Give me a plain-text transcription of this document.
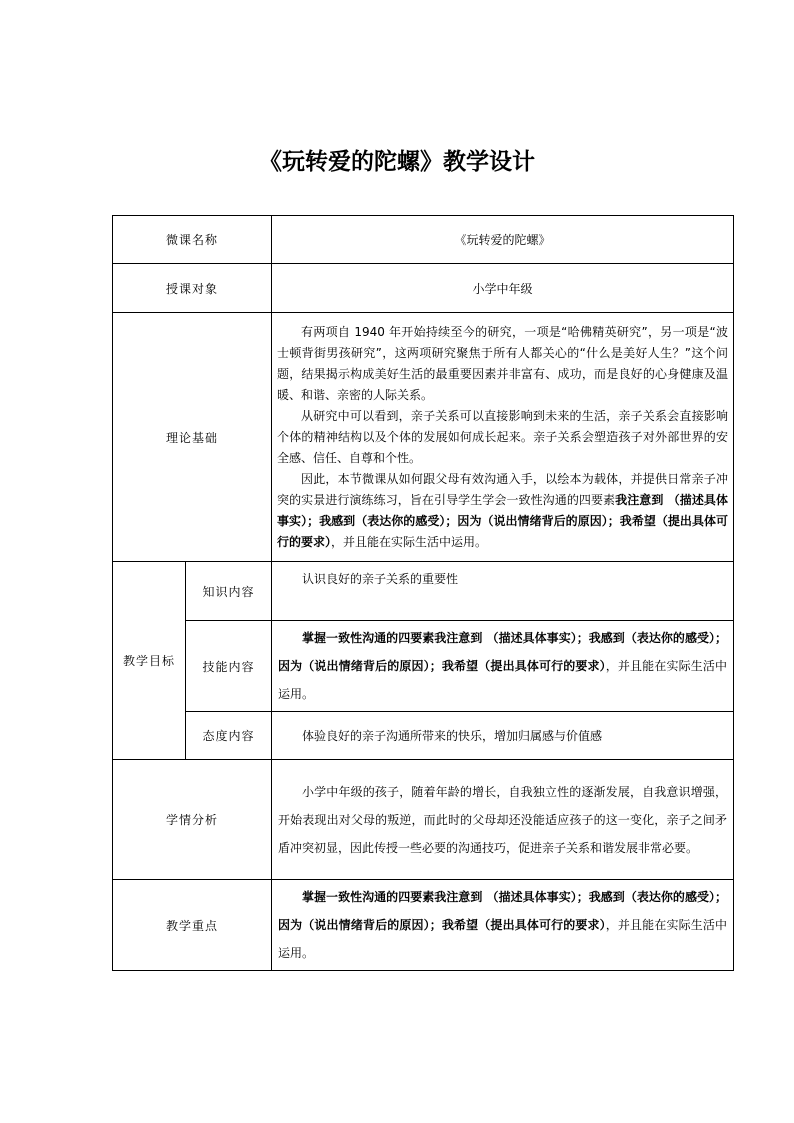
《玩转爱的陀螺》教学设计
微课名称		《玩转爱的陀螺》
授课对象		小学中年级
理论基础		有两项自 1940 年开始持续至今的研究，一项是“哈佛精英研究”，另一项是“波士顿背街男孩研究”，这两项研究聚焦于所有人都关心的“什么是美好人生？”这个问题，结果揭示构成美好生活的最重要因素并非富有、成功，而是良好的心身健康及温暖、和谐、亲密的人际关系。

从研究中可以看到，亲子关系可以直接影响到未来的生活，亲子关系会直接影响个体的精神结构以及个体的发展如何成长起来。亲子关系会塑造孩子对外部世界的安全感、信任、自尊和个性。

因此，本节微课从如何跟父母有效沟通入手，以绘本为载体，并提供日常亲子冲突的实景进行演练练习，旨在引导学生学会一致性沟通的四要素我注意到 （描述具体事实）；我感到（表达你的感受）；因为（说出情绪背后的原因）；我希望（提出具体可行的要求），并且能在实际生活中运用。

教学目标	知识内容	认识良好的亲子关系的重要性

	技能内容	掌握一致性沟通的四要素我注意到 （描述具体事实）；我感到（表达你的感受）；因为（说出情绪背后的原因）；我希望（提出具体可行的要求），并且能在实际生活中运用。

	态度内容	体验良好的亲子沟通所带来的快乐，增加归属感与价值感

学情分析		小学中年级的孩子，随着年龄的增长，自我独立性的逐渐发展，自我意识增强，开始表现出对父母的叛逆，而此时的父母却还没能适应孩子的这一变化，亲子之间矛盾冲突初显，因此传授一些必要的沟通技巧，促进亲子关系和谐发展非常必要。

教学重点		掌握一致性沟通的四要素我注意到 （描述具体事实）；我感到（表达你的感受）；因为（说出情绪背后的原因）；我希望（提出具体可行的要求），并且能在实际生活中运用。
